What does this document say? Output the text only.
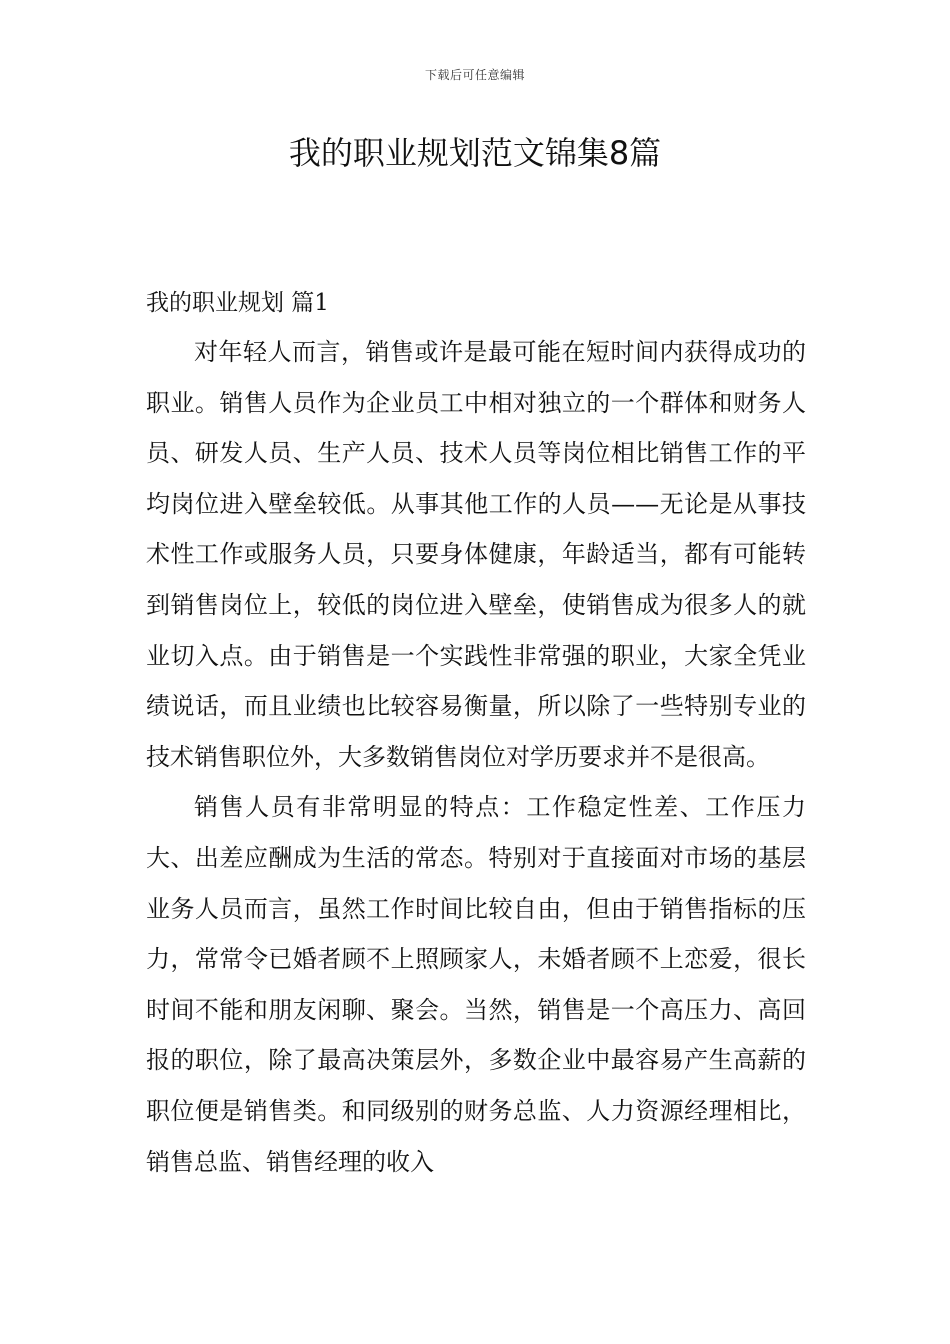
下载后可任意编辑
我的职业规划范文锦集8篇
我的职业规划 篇1

对年轻人而言，销售或许是最可能在短时间内获得成功的职业。销售人员作为企业员工中相对独立的一个群体和财务人员、研发人员、生产人员、技术人员等岗位相比销售工作的平均岗位进入壁垒较低。从事其他工作的人员——无论是从事技术性工作或服务人员，只要身体健康，年龄适当，都有可能转到销售岗位上，较低的岗位进入壁垒，使销售成为很多人的就业切入点。由于销售是一个实践性非常强的职业，大家全凭业绩说话，而且业绩也比较容易衡量，所以除了一些特别专业的技术销售职位外，大多数销售岗位对学历要求并不是很高。

销售人员有非常明显的特点：工作稳定性差、工作压力大、出差应酬成为生活的常态。特别对于直接面对市场的基层业务人员而言，虽然工作时间比较自由，但由于销售指标的压力，常常令已婚者顾不上照顾家人，未婚者顾不上恋爱，很长时间不能和朋友闲聊、聚会。当然，销售是一个高压力、高回报的职位，除了最高决策层外，多数企业中最容易产生高薪的职位便是销售类。和同级别的财务总监、人力资源经理相比，销售总监、销售经理的收入
